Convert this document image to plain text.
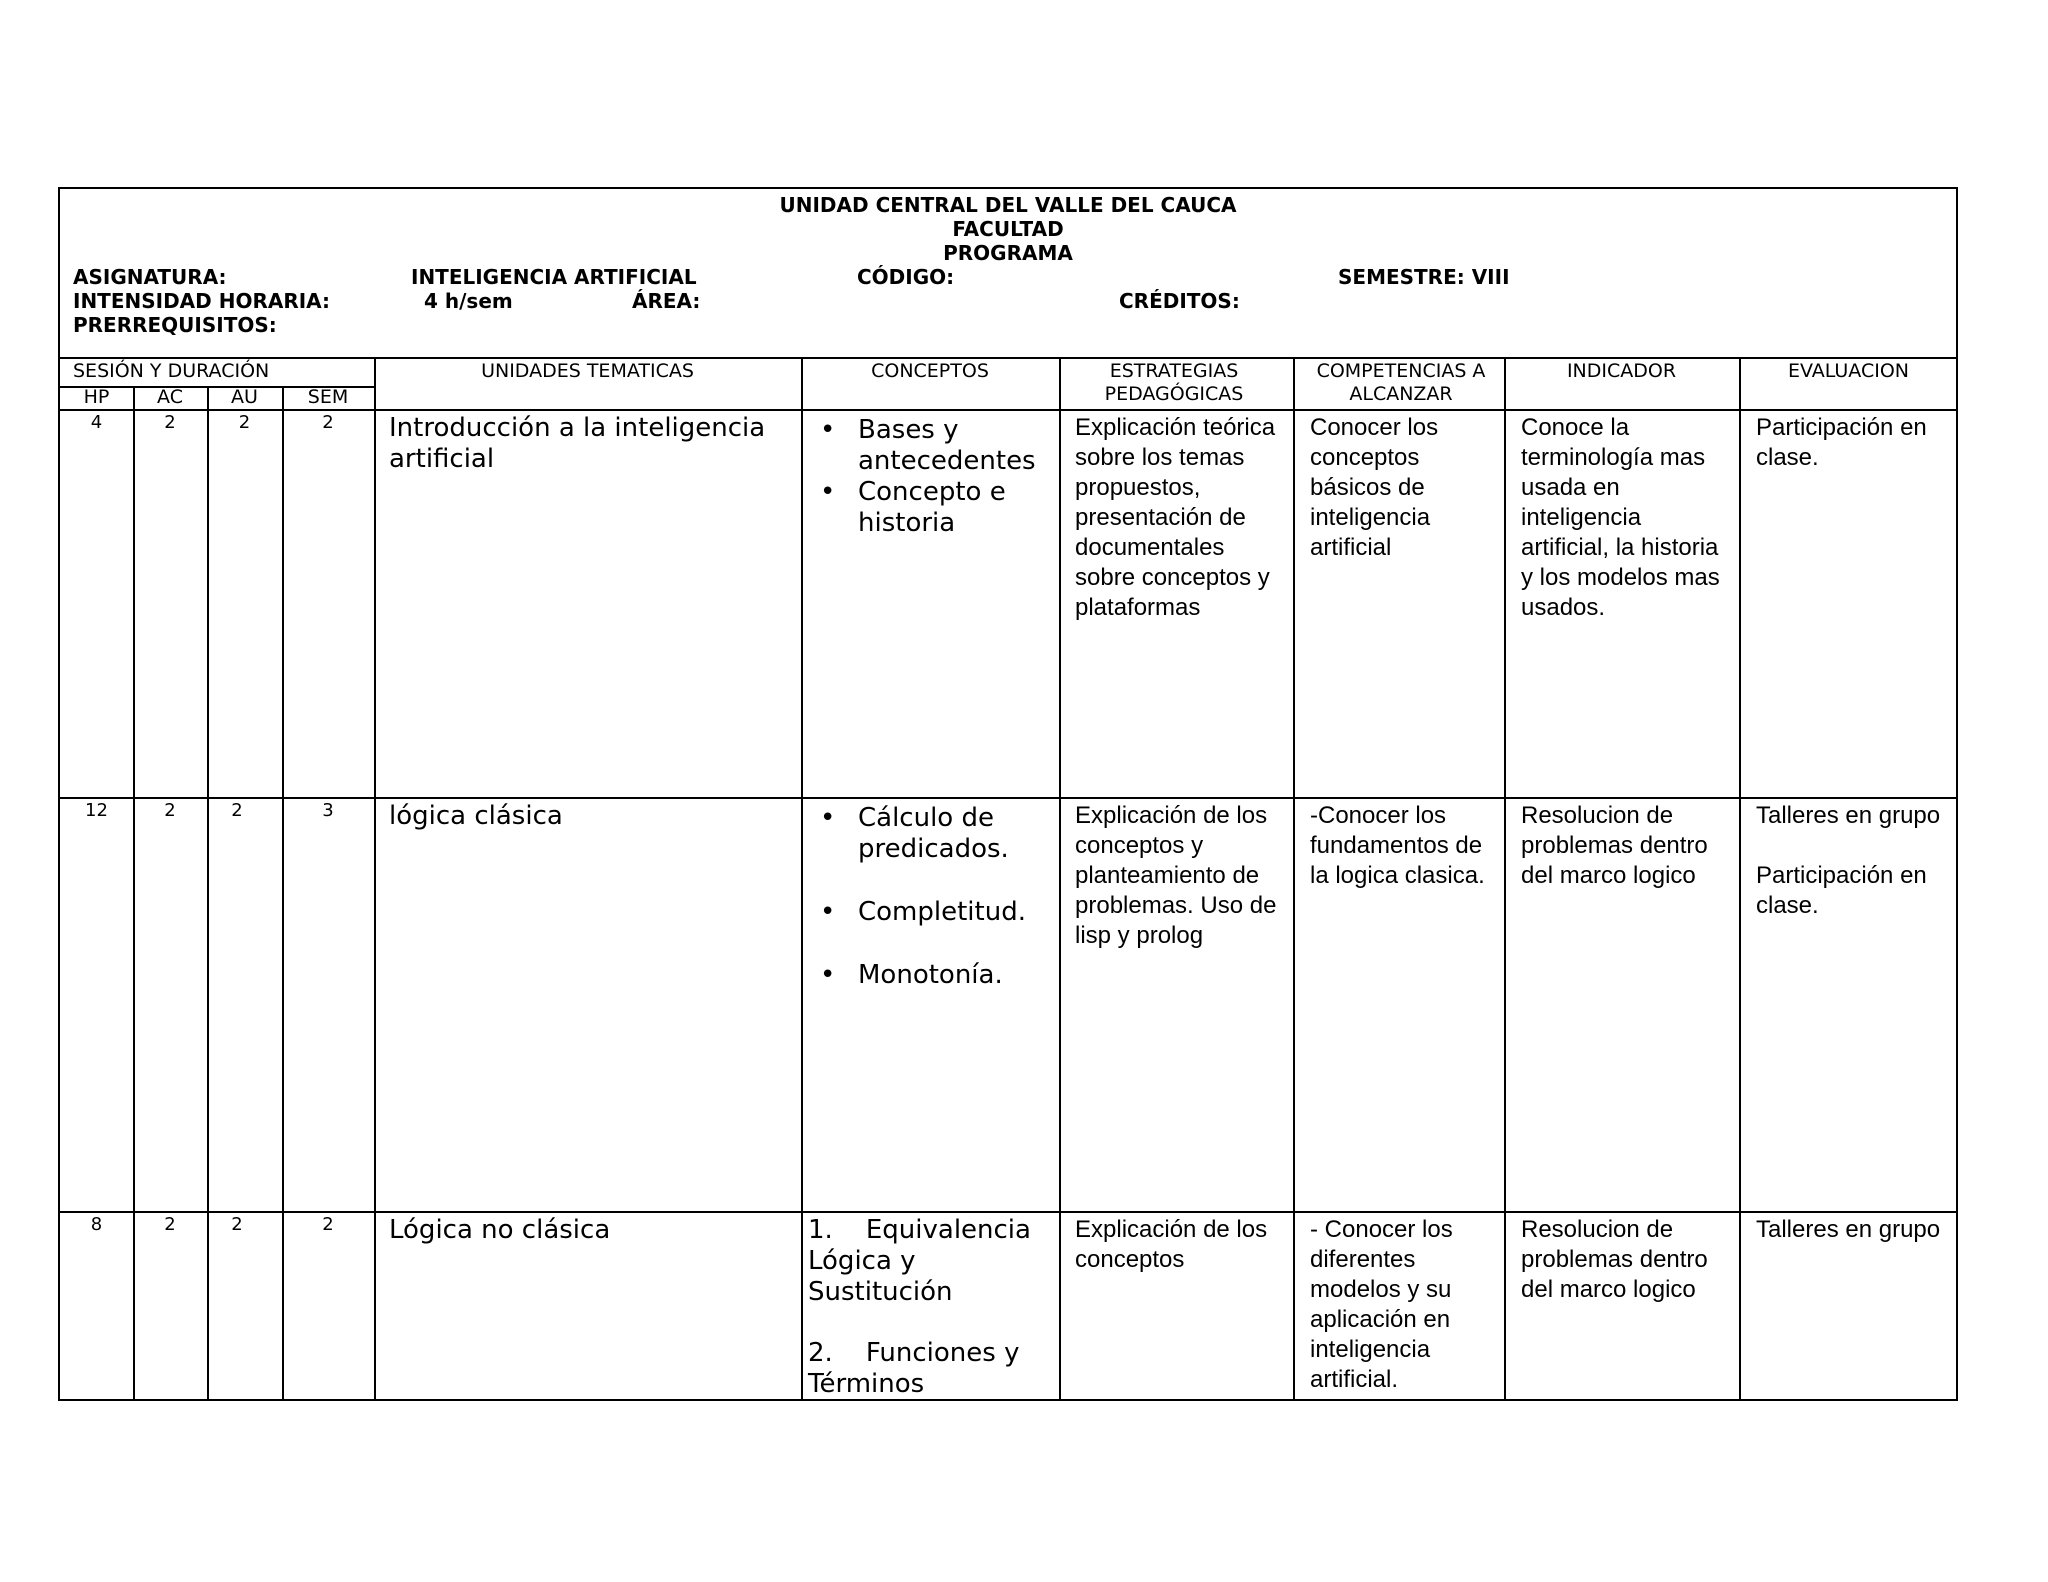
UNIDAD CENTRAL DEL VALLE DEL CAUCA
FACULTAD
PROGRAMA
ASIGNATURA:	INTELIGENCIA ARTIFICIAL	CÓDIGO:	SEMESTRE: VIII
INTENSIDAD HORARIA:	4 h/sem	ÁREA:	CRÉDITOS:
PRERREQUISITOS:
SESIÓN Y DURACIÓN
HP	AC	AU	SEM
UNIDADES TEMATICAS	CONCEPTOS	ESTRATEGIAS PEDAGÓGICAS
COMPETENCIAS A ALCANZAR
INDICADOR	EVALUACION
4	2	2	2	Introducción a la inteligencia artificial
• Bases y antecedentes
• Concepto e historia
Explicación teórica sobre los temas propuestos, presentación de documentales sobre conceptos y plataformas
Conocer los conceptos básicos de inteligencia artificial
Conoce la terminología mas usada en inteligencia artificial, la historia y los modelos mas usados.
Participación en clase.
12	2	2	3	lógica clásica
•	Cálculo de predicados.
• Completitud.
• Monotonía.
Explicación de los conceptos y planteamiento de problemas. Uso de lisp y prolog
-Conocer los fundamentos de la logica clasica.
Resolucion de problemas dentro del marco logico
Talleres en grupo
Participación en clase.
8	2	2	2	Lógica no clásica	1.    Equivalencia Lógica y Sustitución
2.    Funciones y Términos
Explicación de los conceptos
- Conocer los diferentes modelos y su aplicación en inteligencia artificial.
Resolucion de problemas dentro del marco logico
Talleres en grupo
